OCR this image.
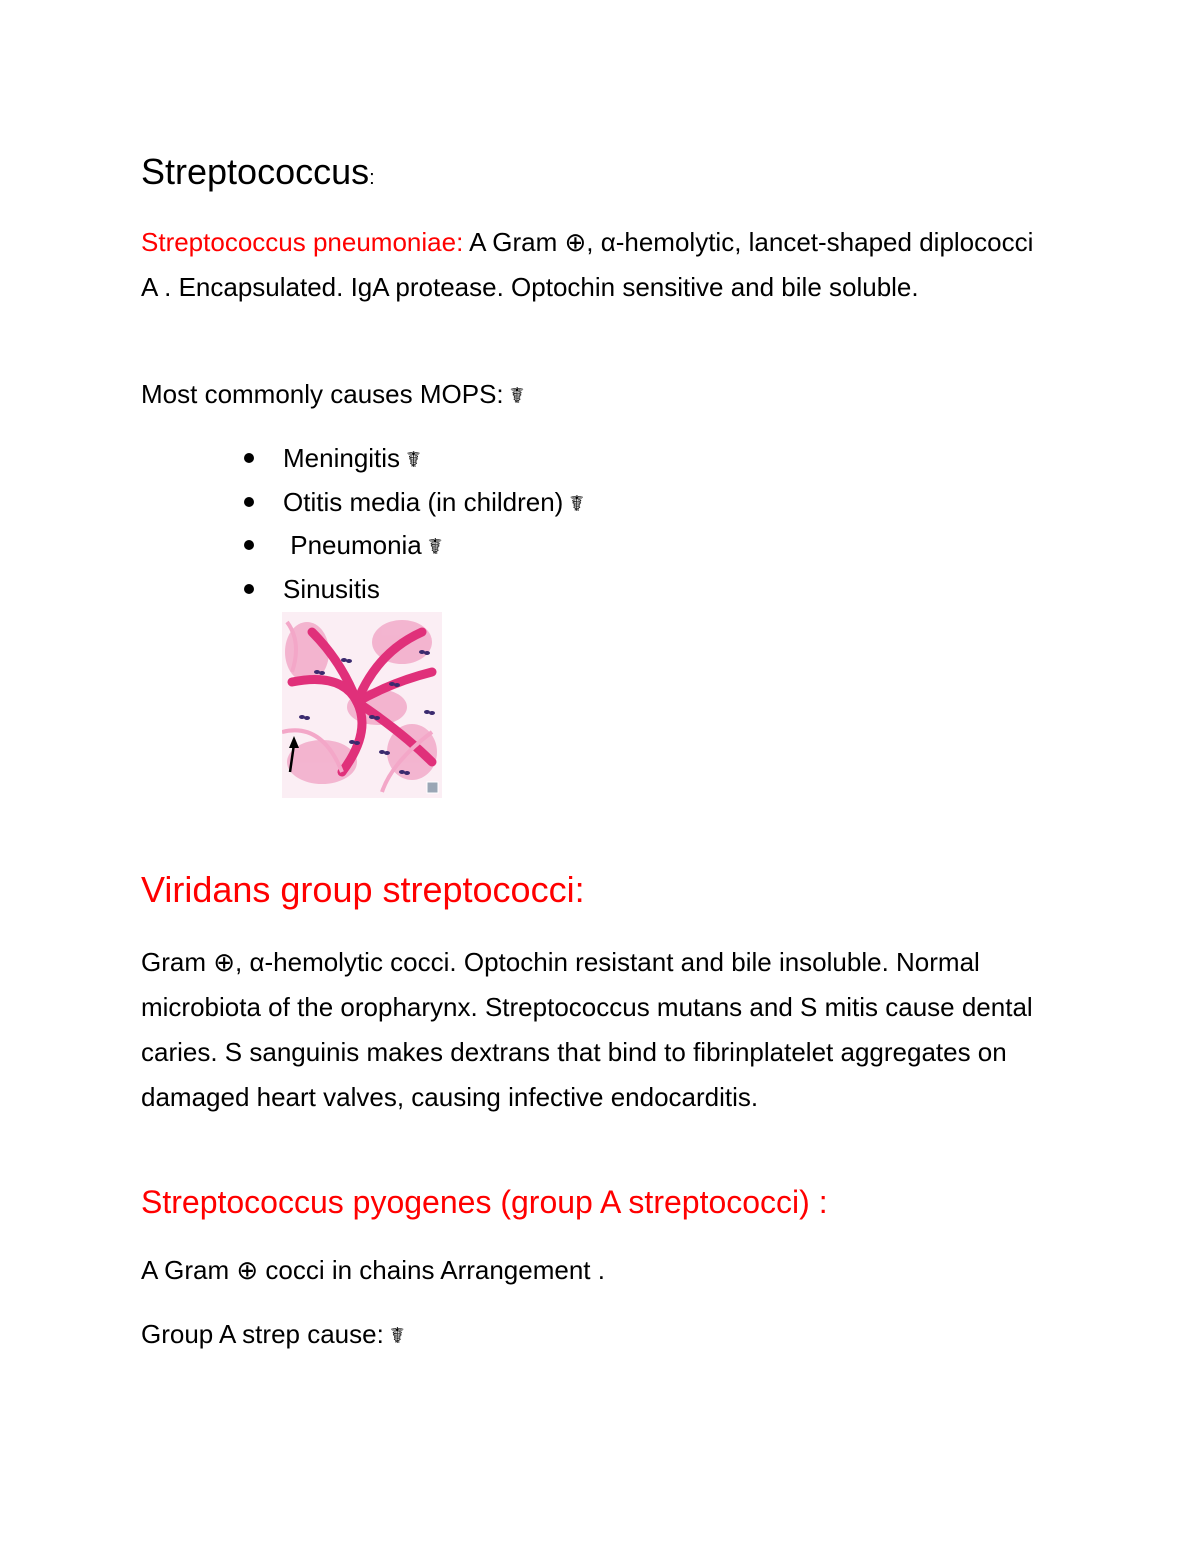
Streptococcus:
Streptococcus pneumoniae: A Gram ⊕, α-hemolytic, lancet-shaped diplococci A . Encapsulated. IgA protease. Optochin sensitive and bile soluble.
Most commonly causes MOPS: ☤
Meningitis ☤
Otitis media (in children) ☤
Pneumonia ☤
Sinusitis
Viridans group streptococci:
Gram ⊕, α-hemolytic cocci. Optochin resistant and bile insoluble. Normal microbiota of the oropharynx. Streptococcus mutans and S mitis cause dental caries. S sanguinis makes dextrans that bind to fibrinplatelet aggregates on damaged heart valves, causing infective endocarditis.
Streptococcus pyogenes (group A streptococci) :
A Gram ⊕ cocci in chains Arrangement .
Group A strep cause: ☤
